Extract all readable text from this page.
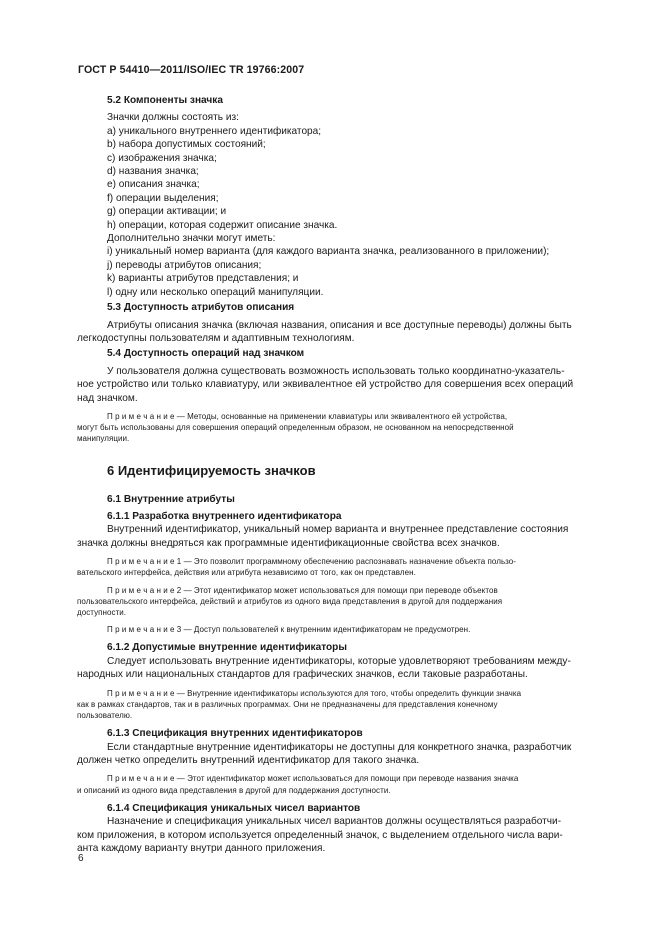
ГОСТ Р 54410—2011/ISO/IEC TR 19766:2007

5.2 Компоненты значка

Значки должны состоять из:

a) уникального внутреннего идентификатора;

b) набора допустимых состояний;

c) изображения значка;

d) названия значка;

e) описания значка;

f) операции выделения;

g) операции активации; и

h) операции, которая содержит описание значка.

Дополнительно значки могут иметь:

i) уникальный номер варианта (для каждого варианта значка, реализованного в приложении);

j) переводы атрибутов описания;

k) варианты атрибутов представления; и

l) одну или несколько операций манипуляции.

5.3 Доступность атрибутов описания

Атрибуты описания значка (включая названия, описания и все доступные переводы) должны быть

легкодоступны пользователям и адаптивным технологиям.

5.4 Доступность операций над значком

У пользователя должна существовать возможность использовать только координатно-указатель-

ное устройство или только клавиатуру, или эквивалентное ей устройство для совершения всех операций

над значком.

П р и м е ч а н и е — Методы, основанные на применении клавиатуры или эквивалентного ей устройства,

могут быть использованы для совершения операций определенным образом, не основанном на непосредственной

манипуляции.

6 Идентифицируемость значков

6.1 Внутренние атрибуты

6.1.1 Разработка внутреннего идентификатора

Внутренний идентификатор, уникальный номер варианта и внутреннее представление состояния

значка должны внедряться как программные идентификационные свойства всех значков.

П р и м е ч а н и е 1 — Это позволит программному обеспечению распознавать назначение объекта пользо-

вательского интерфейса, действия или атрибута независимо от того, как он представлен.

П р и м е ч а н и е 2 — Этот идентификатор может использоваться для помощи при переводе объектов

пользовательского интерфейса, действий и атрибутов из одного вида представления в другой для поддержания

доступности.

П р и м е ч а н и е 3 — Доступ пользователей к внутренним идентификаторам не предусмотрен.

6.1.2 Допустимые внутренние идентификаторы

Следует использовать внутренние идентификаторы, которые удовлетворяют требованиям между-

народных или национальных стандартов для графических значков, если таковые разработаны.

П р и м е ч а н и е — Внутренние идентификаторы используются для того, чтобы определить функции значка

как в рамках стандартов, так и в различных программах. Они не предназначены для представления конечному

пользователю.

6.1.3 Спецификация внутренних идентификаторов

Если стандартные внутренние идентификаторы не доступны для конкретного значка, разработчик

должен четко определить внутренний идентификатор для такого значка.

П р и м е ч а н и е — Этот идентификатор может использоваться для помощи при переводе названия значка

и описаний из одного вида представления в другой для поддержания доступности.

6.1.4 Спецификация уникальных чисел вариантов

Назначение и спецификация уникальных чисел вариантов должны осуществляться разработчи-

ком приложения, в котором используется определенный значок, с выделением отдельного числа вари-

анта каждому варианту внутри данного приложения.

6
